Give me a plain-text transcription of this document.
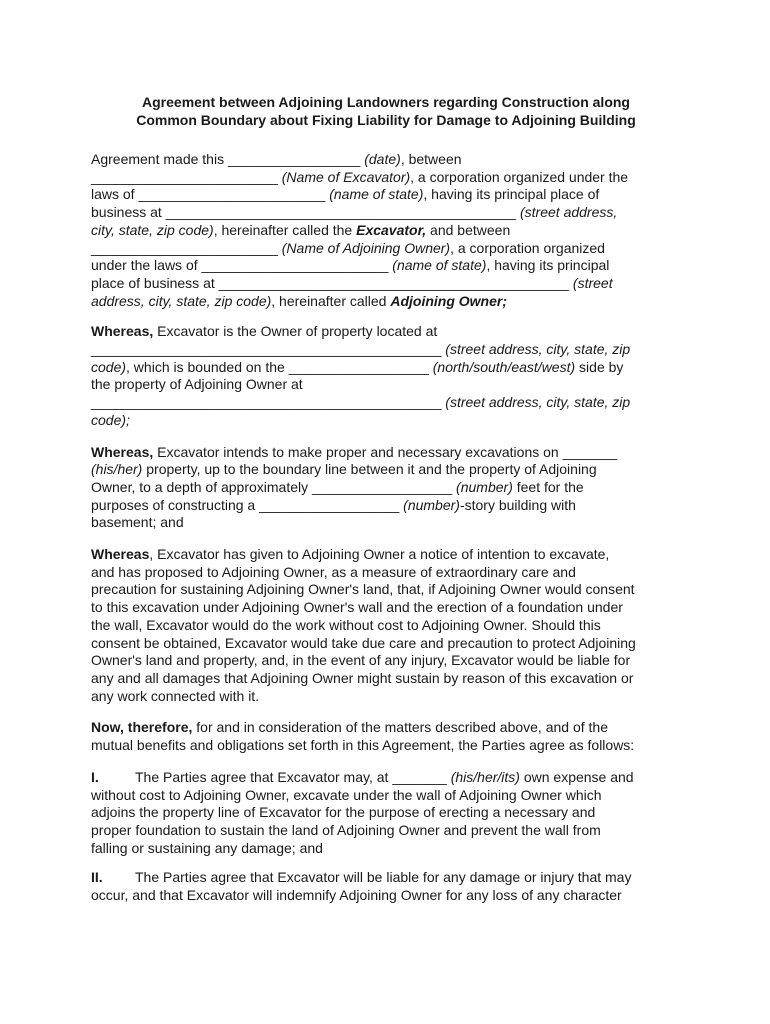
Agreement between Adjoining Landowners regarding Construction along
Common Boundary about Fixing Liability for Damage to Adjoining Building

Agreement made this _________________ (date), between
________________________ (Name of Excavator), a corporation organized under the
laws of ________________________ (name of state), having its principal place of
business at _____________________________________________ (street address,
city, state, zip code), hereinafter called the Excavator, and between
________________________ (Name of Adjoining Owner), a corporation organized
under the laws of ________________________ (name of state), having its principal
place of business at _____________________________________________ (street
address, city, state, zip code), hereinafter called Adjoining Owner;

Whereas, Excavator is the Owner of property located at
_____________________________________________ (street address, city, state, zip
code), which is bounded on the __________________ (north/south/east/west) side by
the property of Adjoining Owner at
_____________________________________________ (street address, city, state, zip
code);

Whereas, Excavator intends to make proper and necessary excavations on _______
(his/her) property, up to the boundary line between it and the property of Adjoining
Owner, to a depth of approximately __________________ (number) feet for the
purposes of constructing a __________________ (number)-story building with
basement; and

Whereas, Excavator has given to Adjoining Owner a notice of intention to excavate,
and has proposed to Adjoining Owner, as a measure of extraordinary care and
precaution for sustaining Adjoining Owner's land, that, if Adjoining Owner would consent
to this excavation under Adjoining Owner's wall and the erection of a foundation under
the wall, Excavator would do the work without cost to Adjoining Owner. Should this
consent be obtained, Excavator would take due care and precaution to protect Adjoining
Owner's land and property, and, in the event of any injury, Excavator would be liable for
any and all damages that Adjoining Owner might sustain by reason of this excavation or
any work connected with it.

Now, therefore, for and in consideration of the matters described above, and of the
mutual benefits and obligations set forth in this Agreement, the Parties agree as follows:

I.	The Parties agree that Excavator may, at _______ (his/her/its) own expense and
without cost to Adjoining Owner, excavate under the wall of Adjoining Owner which
adjoins the property line of Excavator for the purpose of erecting a necessary and
proper foundation to sustain the land of Adjoining Owner and prevent the wall from
falling or sustaining any damage; and

II. The Parties agree that Excavator will be liable for any damage or injury that may
occur, and that Excavator will indemnify Adjoining Owner for any loss of any character
